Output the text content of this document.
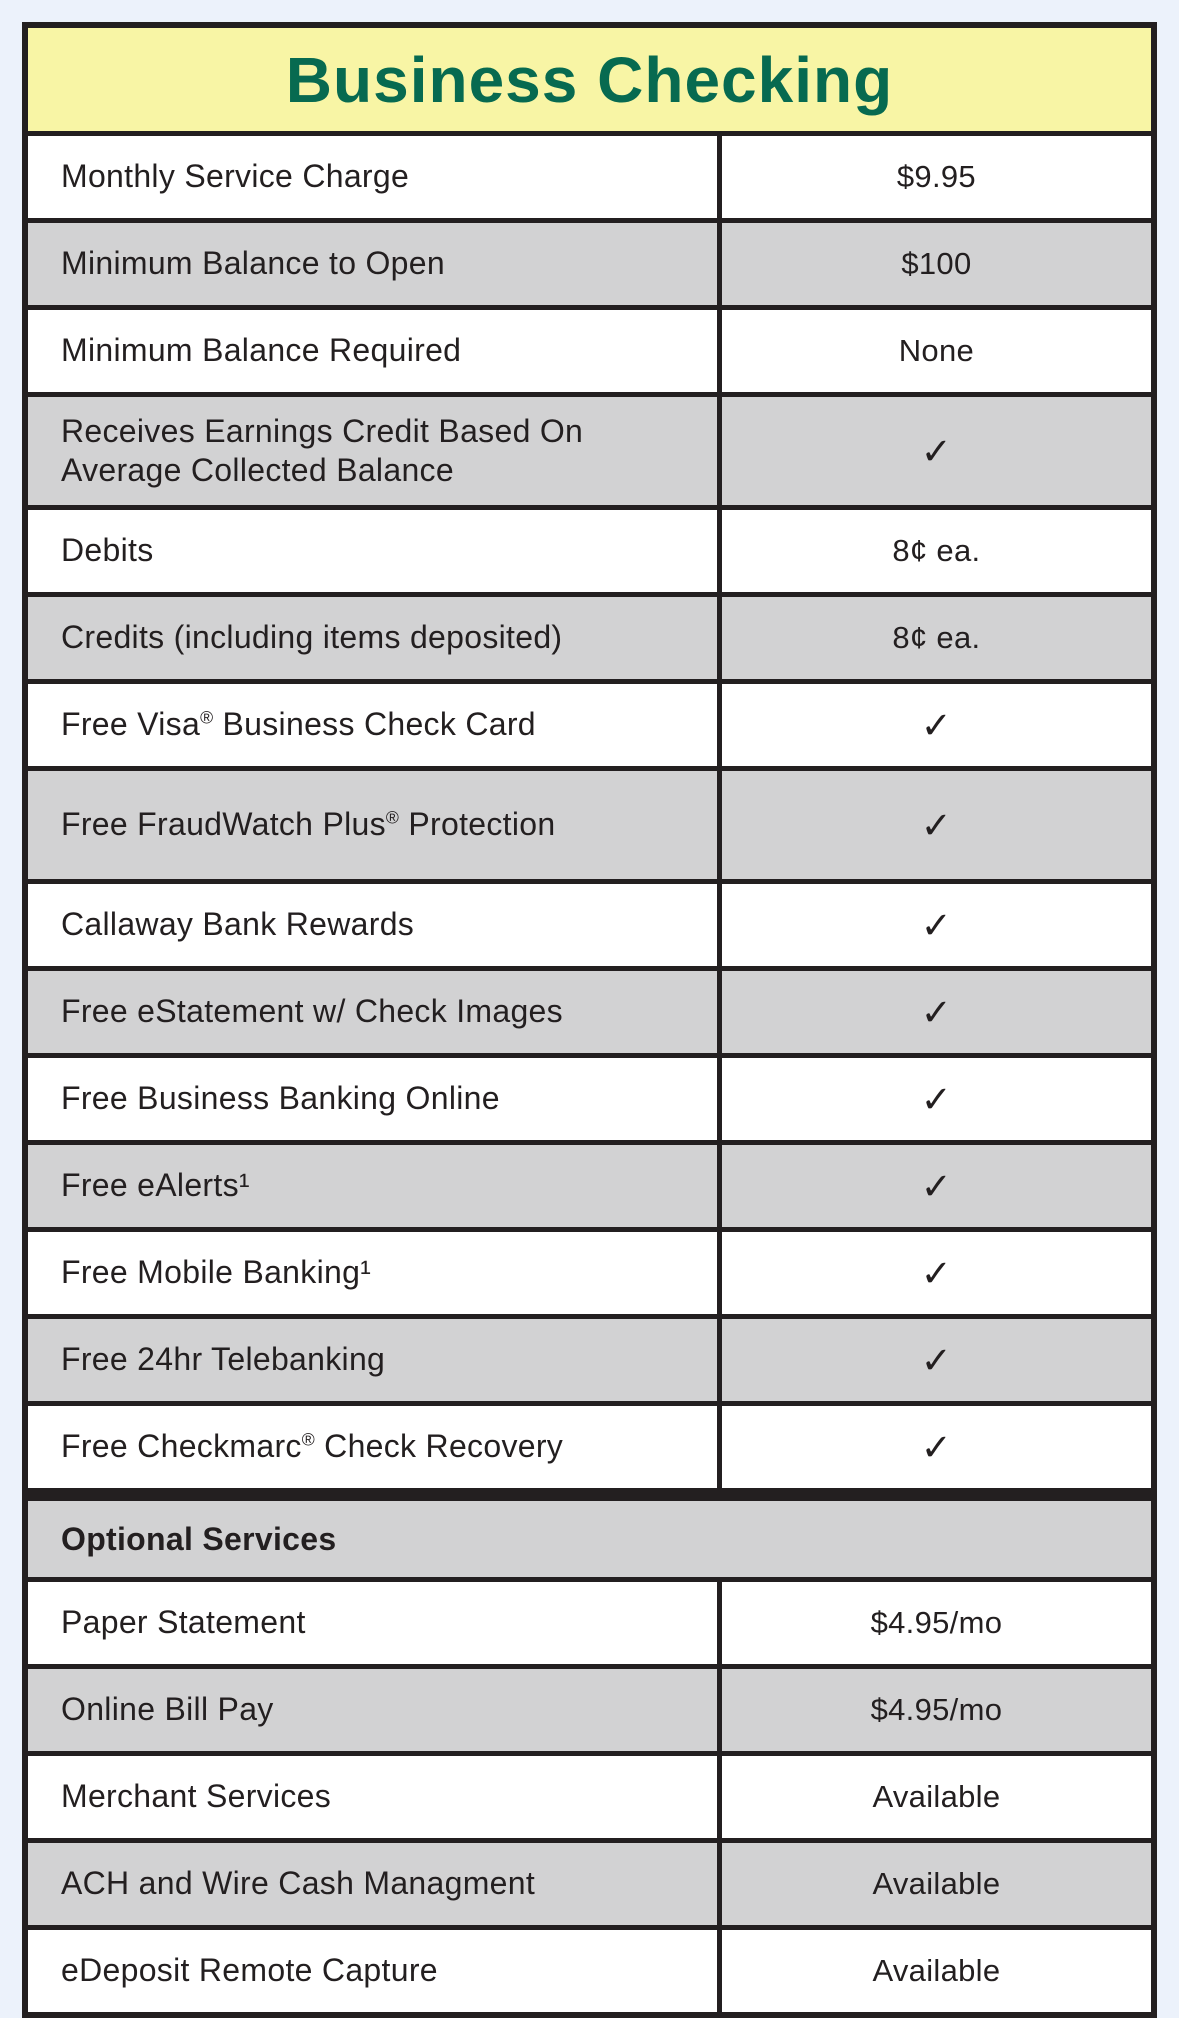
Business Checking	
Monthly Service Charge	$9.95
Minimum Balance to Open	$100
Minimum Balance Required	None
Receives Earnings Credit Based On Average Collected Balance	✓
Debits	8¢ ea.
Credits (including items deposited)	8¢ ea.
Free Visa® Business Check Card	✓
Free FraudWatch Plus® Protection	✓
Callaway Bank Rewards	✓
Free eStatement w/ Check Images	✓
Free Business Banking Online	✓
Free eAlerts¹	✓
Free Mobile Banking¹	✓
Free 24hr Telebanking	✓
Free Checkmarc® Check Recovery	✓
Optional Services	
Paper Statement	$4.95/mo
Online Bill Pay	$4.95/mo
Merchant Services	Available
ACH and Wire Cash Managment	Available
eDeposit Remote Capture	Available
